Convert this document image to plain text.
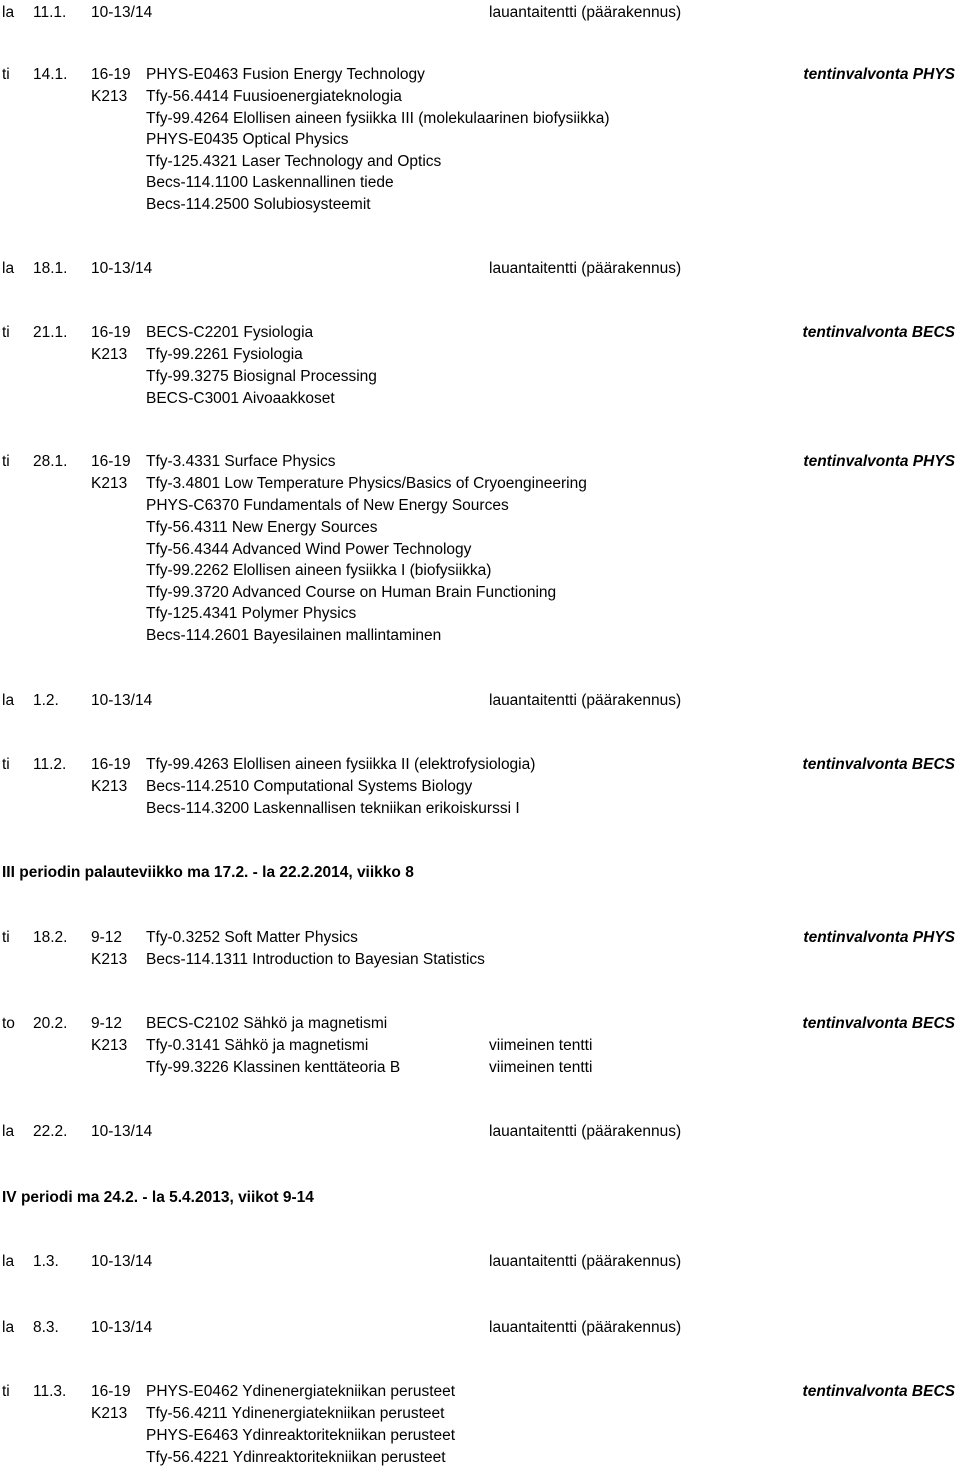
la 11.1. 10-13/14	lauantaitentti (päärakennus)
ti 14.1. 16-19 PHYS-E0463 Fusion Energy Technology	tentinvalvonta PHYS
K213 Tfy-56.4414 Fuusioenergiateknologia
Tfy-99.4264 Elollisen aineen fysiikka III (molekulaarinen biofysiikka)
PHYS-E0435 Optical Physics
Tfy-125.4321 Laser Technology and Optics
Becs-114.1100 Laskennallinen tiede
Becs-114.2500 Solubiosysteemit
la 18.1. 10-13/14	lauantaitentti (päärakennus)
ti 21.1. 16-19 BECS-C2201 Fysiologia	tentinvalvonta BECS
K213 Tfy-99.2261 Fysiologia
Tfy-99.3275 Biosignal Processing
BECS-C3001 Aivoaakkoset
ti 28.1. 16-19 Tfy-3.4331 Surface Physics	tentinvalvonta PHYS
K213 Tfy-3.4801 Low Temperature Physics/Basics of Cryoengineering
PHYS-C6370 Fundamentals of New Energy Sources
Tfy-56.4311 New Energy Sources
Tfy-56.4344 Advanced Wind Power Technology
Tfy-99.2262 Elollisen aineen fysiikka I (biofysiikka)
Tfy-99.3720 Advanced Course on Human Brain Functioning
Tfy-125.4341 Polymer Physics
Becs-114.2601 Bayesilainen mallintaminen
la 1.2. 10-13/14	lauantaitentti (päärakennus)
ti 11.2. 16-19 Tfy-99.4263 Elollisen aineen fysiikka II (elektrofysiologia)	tentinvalvonta BECS
K213 Becs-114.2510 Computational Systems Biology
Becs-114.3200 Laskennallisen tekniikan erikoiskurssi I
ti 18.2. 9-12 Tfy-0.3252 Soft Matter Physics	tentinvalvonta PHYS
K213 Becs-114.1311 Introduction to Bayesian Statistics
to 20.2. 9-12 BECS-C2102 Sähkö ja magnetismi	tentinvalvonta BECS
K213 Tfy-0.3141 Sähkö ja magnetismi	viimeinen tentti
Tfy-99.3226 Klassinen kenttäteoria B	viimeinen tentti
la 22.2. 10-13/14	lauantaitentti (päärakennus)
la 1.3. 10-13/14	lauantaitentti (päärakennus)
la 8.3. 10-13/14	lauantaitentti (päärakennus)
ti 11.3. 16-19 PHYS-E0462 Ydinenergiatekniikan perusteet	tentinvalvonta BECS
K213 Tfy-56.4211 Ydinenergiatekniikan perusteet
PHYS-E6463 Ydinreaktoritekniikan perusteet
Tfy-56.4221 Ydinreaktoritekniikan perusteet
III periodin palauteviikko ma 17.2. - la 22.2.2014, viikko 8
IV periodi ma 24.2. - la 5.4.2013, viikot 9-14
